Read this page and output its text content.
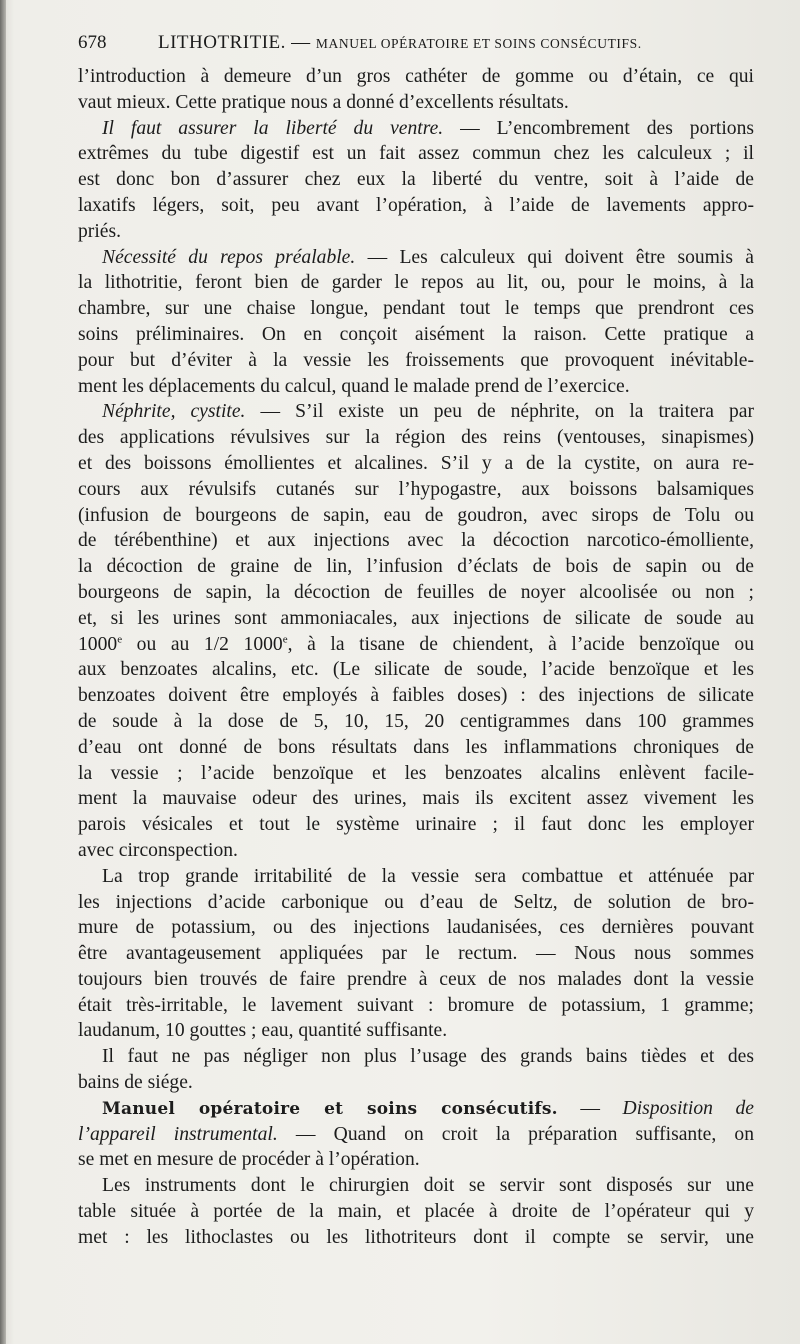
678	LITHOTRITIE. — MANUEL OPÉRATOIRE ET SOINS CONSÉCUTIFS.
l’introduction à demeure d’un gros cathéter de gomme ou d’étain, ce qui
vaut mieux. Cette pratique nous a donné d’excellents résultats.
Il faut assurer la liberté du ventre. — L’encombrement des portions
extrêmes du tube digestif est un fait assez commun chez les calculeux ; il
est donc bon d’assurer chez eux la liberté du ventre, soit à l’aide de
laxatifs légers, soit, peu avant l’opération, à l’aide de lavements appro-
priés.
Nécessité du repos préalable. — Les calculeux qui doivent être soumis à
la lithotritie, feront bien de garder le repos au lit, ou, pour le moins, à la
chambre, sur une chaise longue, pendant tout le temps que prendront ces
soins préliminaires. On en conçoit aisément la raison. Cette pratique a
pour but d’éviter à la vessie les froissements que provoquent inévitable-
ment les déplacements du calcul, quand le malade prend de l’exercice.
Néphrite, cystite. — S’il existe un peu de néphrite, on la traitera par
des applications révulsives sur la région des reins (ventouses, sinapismes)
et des boissons émollientes et alcalines. S’il y a de la cystite, on aura re-
cours aux révulsifs cutanés sur l’hypogastre, aux boissons balsamiques
(infusion de bourgeons de sapin, eau de goudron, avec sirops de Tolu ou
de térébenthine) et aux injections avec la décoction narcotico-émolliente,
la décoction de graine de lin, l’infusion d’éclats de bois de sapin ou de
bourgeons de sapin, la décoction de feuilles de noyer alcoolisée ou non ;
et, si les urines sont ammoniacales, aux injections de silicate de soude au
1000e ou au 1/2 1000e, à la tisane de chiendent, à l’acide benzoïque ou
aux benzoates alcalins, etc. (Le silicate de soude, l’acide benzoïque et les
benzoates doivent être employés à faibles doses) : des injections de silicate
de soude à la dose de 5, 10, 15, 20 centigrammes dans 100 grammes
d’eau ont donné de bons résultats dans les inflammations chroniques de
la vessie ; l’acide benzoïque et les benzoates alcalins enlèvent facile-
ment la mauvaise odeur des urines, mais ils excitent assez vivement les
parois vésicales et tout le système urinaire ; il faut donc les employer
avec circonspection.
La trop grande irritabilité de la vessie sera combattue et atténuée par
les injections d’acide carbonique ou d’eau de Seltz, de solution de bro-
mure de potassium, ou des injections laudanisées, ces dernières pouvant
être avantageusement appliquées par le rectum. — Nous nous sommes
toujours bien trouvés de faire prendre à ceux de nos malades dont la vessie
était très-irritable, le lavement suivant : bromure de potassium, 1 gramme;
laudanum, 10 gouttes ; eau, quantité suffisante.
Il faut ne pas négliger non plus l’usage des grands bains tièdes et des
bains de siége.
Manuel opératoire et soins consécutifs. — Disposition de
l’appareil instrumental. — Quand on croit la préparation suffisante, on
se met en mesure de procéder à l’opération.
Les instruments dont le chirurgien doit se servir sont disposés sur une
table située à portée de la main, et placée à droite de l’opérateur qui y
met : les lithoclastes ou les lithotriteurs dont il compte se servir, une
